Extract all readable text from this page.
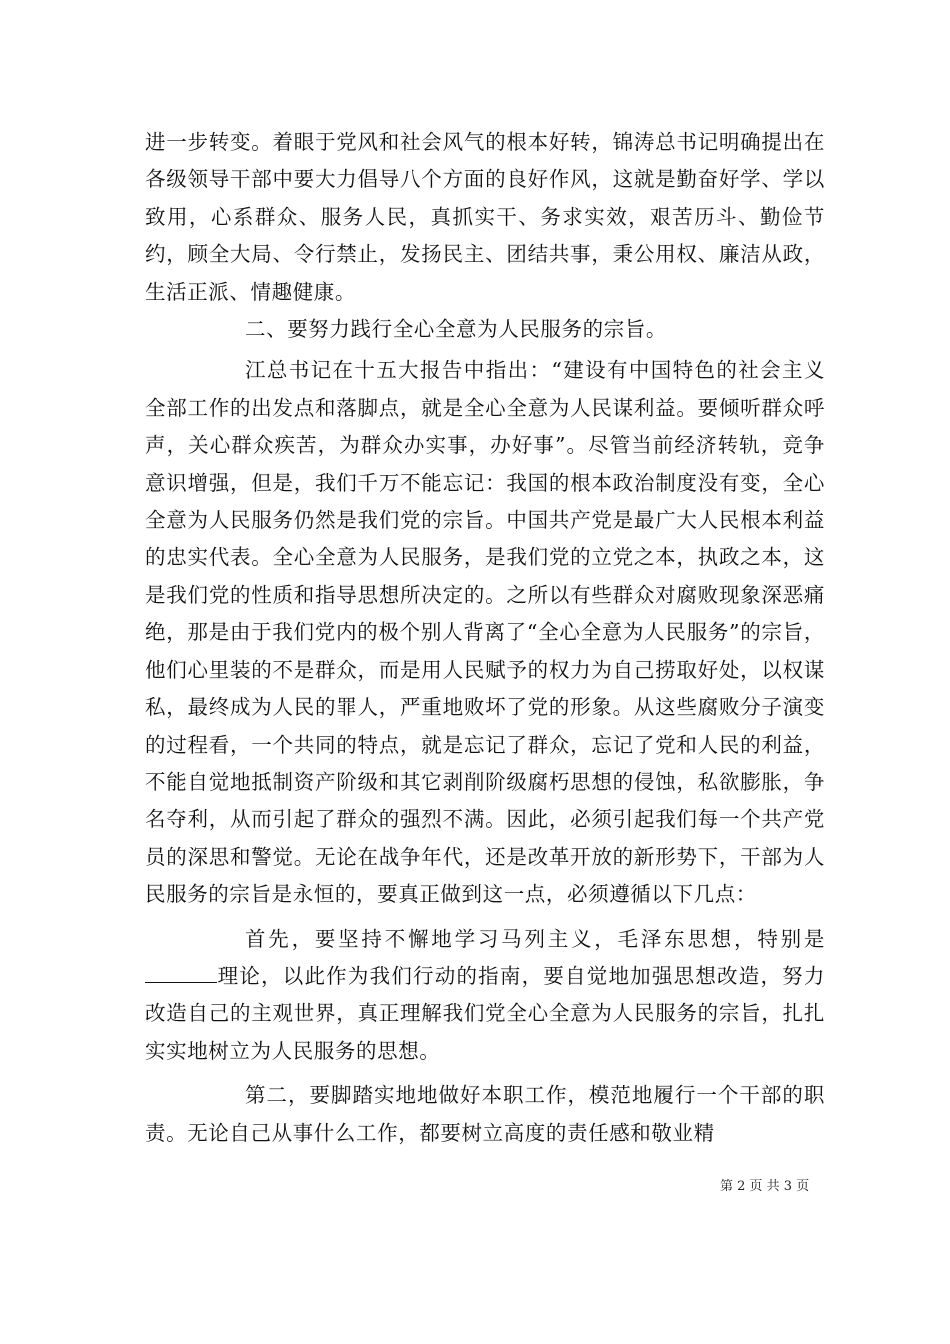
进一步转变。着眼于党风和社会风气的根本好转，锦涛总书记明确提出在各级领导干部中要大力倡导八个方面的良好作风，这就是勤奋好学、学以致用，心系群众、服务人民，真抓实干、务求实效，艰苦历斗、勤俭节约，顾全大局、令行禁止，发扬民主、团结共事，秉公用权、廉洁从政，生活正派、情趣健康。

二、要努力践行全心全意为人民服务的宗旨。

江总书记在十五大报告中指出：“建设有中国特色的社会主义全部工作的出发点和落脚点，就是全心全意为人民谋利益。要倾听群众呼声，关心群众疾苦，为群众办实事，办好事”。尽管当前经济转轨，竞争意识增强，但是，我们千万不能忘记：我国的根本政治制度没有变，全心全意为人民服务仍然是我们党的宗旨。中国共产党是最广大人民根本利益的忠实代表。全心全意为人民服务，是我们党的立党之本，执政之本，这是我们党的性质和指导思想所决定的。之所以有些群众对腐败现象深恶痛绝，那是由于我们党内的极个别人背离了“全心全意为人民服务”的宗旨，他们心里装的不是群众，而是用人民赋予的权力为自己捞取好处，以权谋私，最终成为人民的罪人，严重地败坏了党的形象。从这些腐败分子演变的过程看，一个共同的特点，就是忘记了群众，忘记了党和人民的利益，不能自觉地抵制资产阶级和其它剥削阶级腐朽思想的侵蚀，私欲膨胀，争名夺利，从而引起了群众的强烈不满。因此，必须引起我们每一个共产党员的深思和警觉。无论在战争年代，还是改革开放的新形势下，干部为人民服务的宗旨是永恒的，要真正做到这一点，必须遵循以下几点：

首先，要坚持不懈地学习马列主义，毛泽东思想，特别是理论，以此作为我们行动的指南，要自觉地加强思想改造，努力改造自己的主观世界，真正理解我们党全心全意为人民服务的宗旨，扎扎实实地树立为人民服务的思想。

第二，要脚踏实地地做好本职工作，模范地履行一个干部的职责。无论自己从事什么工作，都要树立高度的责任感和敬业精

第 2 页 共 3 页
